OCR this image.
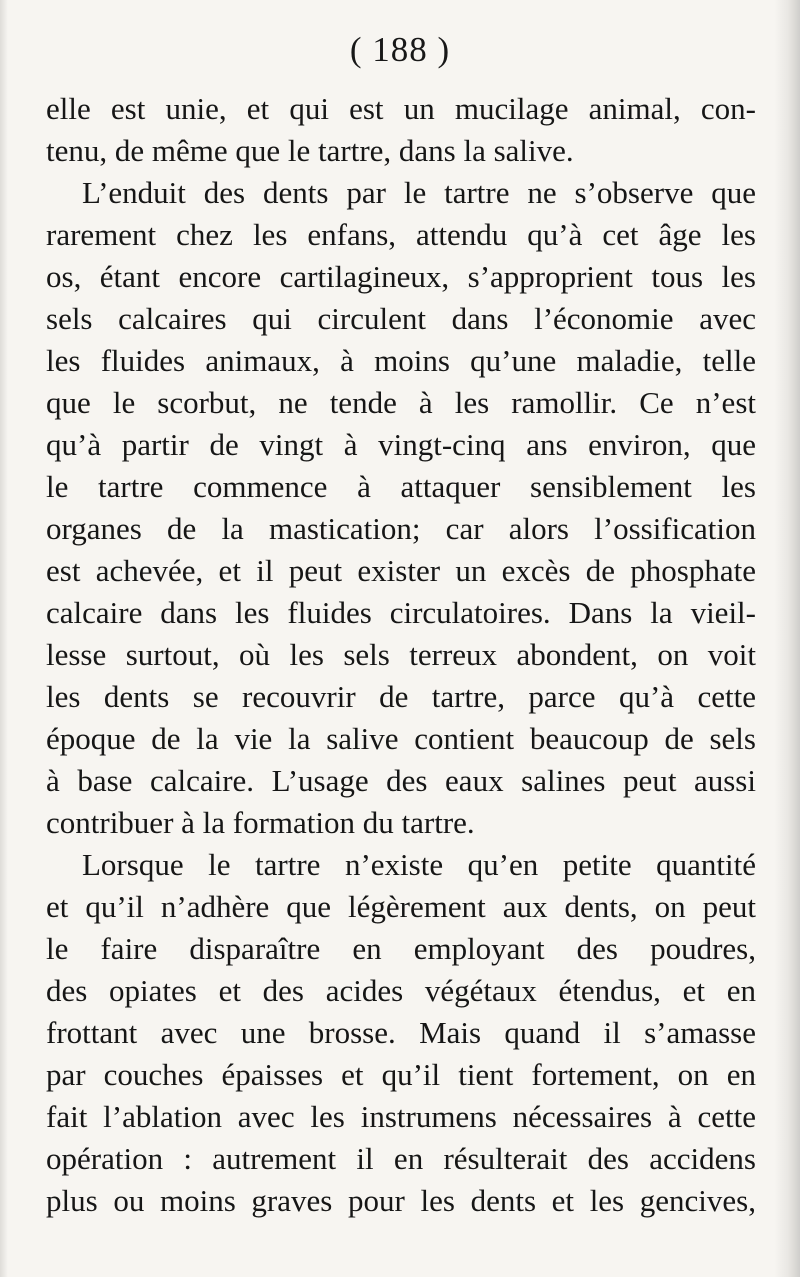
( 188 )
elle est unie, et qui est un mucilage animal, con-
tenu, de même que le tartre, dans la salive.
L’enduit des dents par le tartre ne s’observe que
rarement chez les enfans, attendu qu’à cet âge les
os, étant encore cartilagineux, s’approprient tous les
sels calcaires qui circulent dans l’économie avec
les fluides animaux, à moins qu’une maladie, telle
que le scorbut, ne tende à les ramollir. Ce n’est
qu’à partir de vingt à vingt-cinq ans environ, que
le tartre commence à attaquer sensiblement les
organes de la mastication; car alors l’ossification
est achevée, et il peut exister un excès de phosphate
calcaire dans les fluides circulatoires. Dans la vieil-
lesse surtout, où les sels terreux abondent, on voit
les dents se recouvrir de tartre, parce qu’à cette
époque de la vie la salive contient beaucoup de sels
à base calcaire. L’usage des eaux salines peut aussi
contribuer à la formation du tartre.
Lorsque le tartre n’existe qu’en petite quantité
et qu’il n’adhère que légèrement aux dents, on peut
le faire disparaître en employant des poudres,
des opiates et des acides végétaux étendus, et en
frottant avec une brosse. Mais quand il s’amasse
par couches épaisses et qu’il tient fortement, on en
fait l’ablation avec les instrumens nécessaires à cette
opération : autrement il en résulterait des accidens
plus ou moins graves pour les dents et les gencives,
